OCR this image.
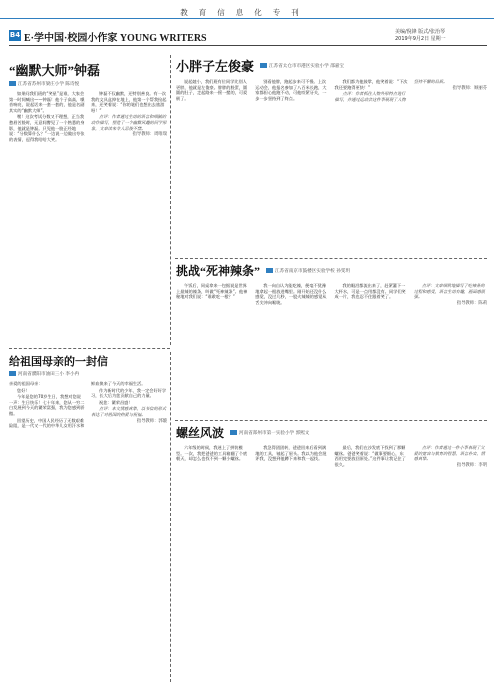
教育信息化专刊
B4 E·学中国·校园小作家 YOUNG WRITERS
美编/倪锋 版式/张治琴
2019年9月2日 星期一
“幽默大师”钟磊
江苏省苏州市梁庄小学 陈诗悦

如果问我们班的“笑星”是谁，大家会第一时间喊出——钟磊！他个子高高，嗓音响亮，说起话来一套一套的，他是名副其实的“幽默大师”。

嘿！这次考试分数又不理想，正当我愁眉苦脸时，无意间瞥见了一个熟悉的身影，他就是钟磊。只见他一脸正经地说：“分数算什么？”一边说一边做出夸张的表情，逗得我哈哈大笑。

钟磊不仅幽默，还特别善良。有一次我的文具盒掉在地上，他第一个帮我捡起来，还笑着说：“你的笔们也想出去旅游呀！”

点评：作者通过生动的语言和细腻的动作描写，塑造了一个幽默风趣的同学形象，文章读来令人忍俊不禁。

指导教师：周唯瑞
小胖子左俊豪	江苏省太仓市市港区实验小学 邵嘉宝

说起她小，我们班有位同学比别人更胖，他就是左俊豪。胖胖的脸蛋，圆圆的肚子，走起路来一摇一摆的，可爱极了。

别看他胖，跑起步来可不慢。上次运动会，他报名参加了八百米长跑，大家都担心他跑不动，可他咬紧牙关，一步一步坚持到了终点。

我们都为他鼓掌，他笑着说：“下次我还要跑得更快！”

点评：作者抓住人物外形特点进行描写，并通过运动会这件事展现了人物坚持不懈的品质。

指导教师：顾丽芬
挑战“死神辣条”	江苏省南京市鼓楼区实验学校 孙雯玥

午饭后，同桌拿来一包据说是世界上最辣的辣条，叫做“死神辣条”。他神秘地对我们说：“谁敢吃一根？”

我一向自认为能吃辣，便毫不犹豫地拿起一根放进嘴里。刚开始还没什么感觉，没过几秒，一股火辣辣的感觉从舌尖冲向喉咙。

我的眼泪都流出来了，赶紧灌下一大杯水，可是一点用都没有。同学们笑成一片，我也忍不住跟着笑了。

点评：文章细致地描写了吃辣条的过程和感受，语言生动有趣，画面感很强。

指导教师：陈莉
给祖国母亲的一封信
河南省濮阳市油田三小 李小冉

亲爱的祖国母亲：

您好！

今年是您的70岁生日，我想对您说一声：生日快乐！七十年来，您从一穷二白发展到今天的繁荣富强，我为您感到骄傲。

回望历史，中国人民经历了无数艰难险阻，是一代又一代的中华儿女用汗水和鲜血换来了今天的幸福生活。

作为新时代的少年，我一定会好好学习，长大后为您贡献自己的力量。

祝您：繁荣昌盛！

点评：本文情感真挚，以书信的形式表达了对祖国的热爱与祝福。

指导教师：郭璇
螺丝风波	河南省郑州市第一实验小学 郭熙文

六年级的时候，我迷上了拼装模型。一次，我把爸爸的工具箱翻了个底朝天，却怎么也找不到一颗小螺丝。

我急得团团转，爸爸回来后看到满地的工具，皱起了眉头。我以为他会批评我，没想到他蹲下来和我一起找。

最后，我们在沙发底下找到了那颗螺丝。爸爸笑着说：“做事要细心，东西用完要放回原处。”这件事让我记住了很久。

点评：作者通过一件小事表现了父爱的宽容与教育的智慧，语言朴实，情感真挚。

指导教师：李明
